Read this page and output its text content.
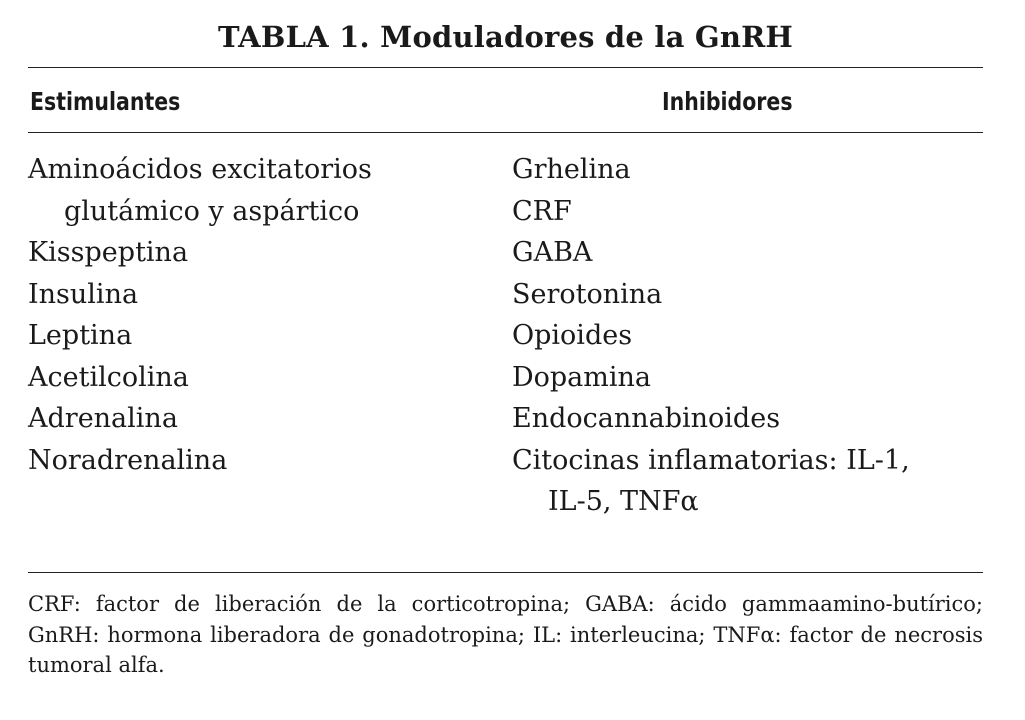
TABLA 1. Moduladores de la GnRH
Estimulantes	Inhibidores
Aminoácidos excitatorios
glutámico y aspártico
Kisspeptina
Insulina
Leptina
Acetilcolina
Adrenalina
Noradrenalina
Grhelina
CRF
GABA
Serotonina
Opioides
Dopamina
Endocannabinoides
Citocinas inflamatorias: IL-1,
IL-5, TNFα
CRF: factor de liberación de la corticotropina; GABA: ácido gammaamino-butírico; GnRH: hormona liberadora de gonadotropina; IL: interleucina; TNFα: factor de necrosis tumoral alfa.
